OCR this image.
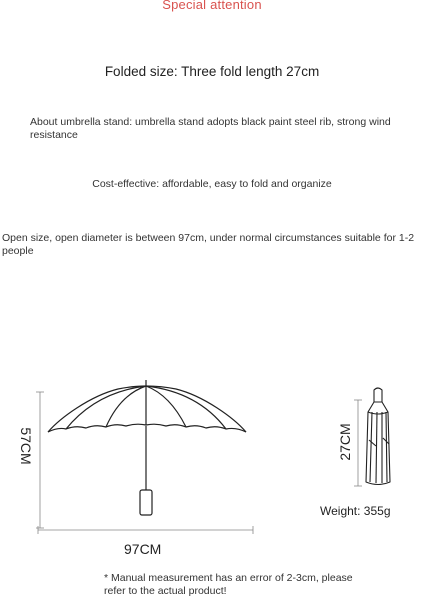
Special attention
Folded size: Three fold length 27cm
About umbrella stand: umbrella stand adopts black paint steel rib, strong wind resistance
Cost-effective: affordable, easy to fold and organize
Open size, open diameter is between 97cm, under normal circumstances suitable for 1-2 people
57CM
97CM
27CM
Weight: 355g
* Manual measurement has an error of 2-3cm, please refer to the actual product!
